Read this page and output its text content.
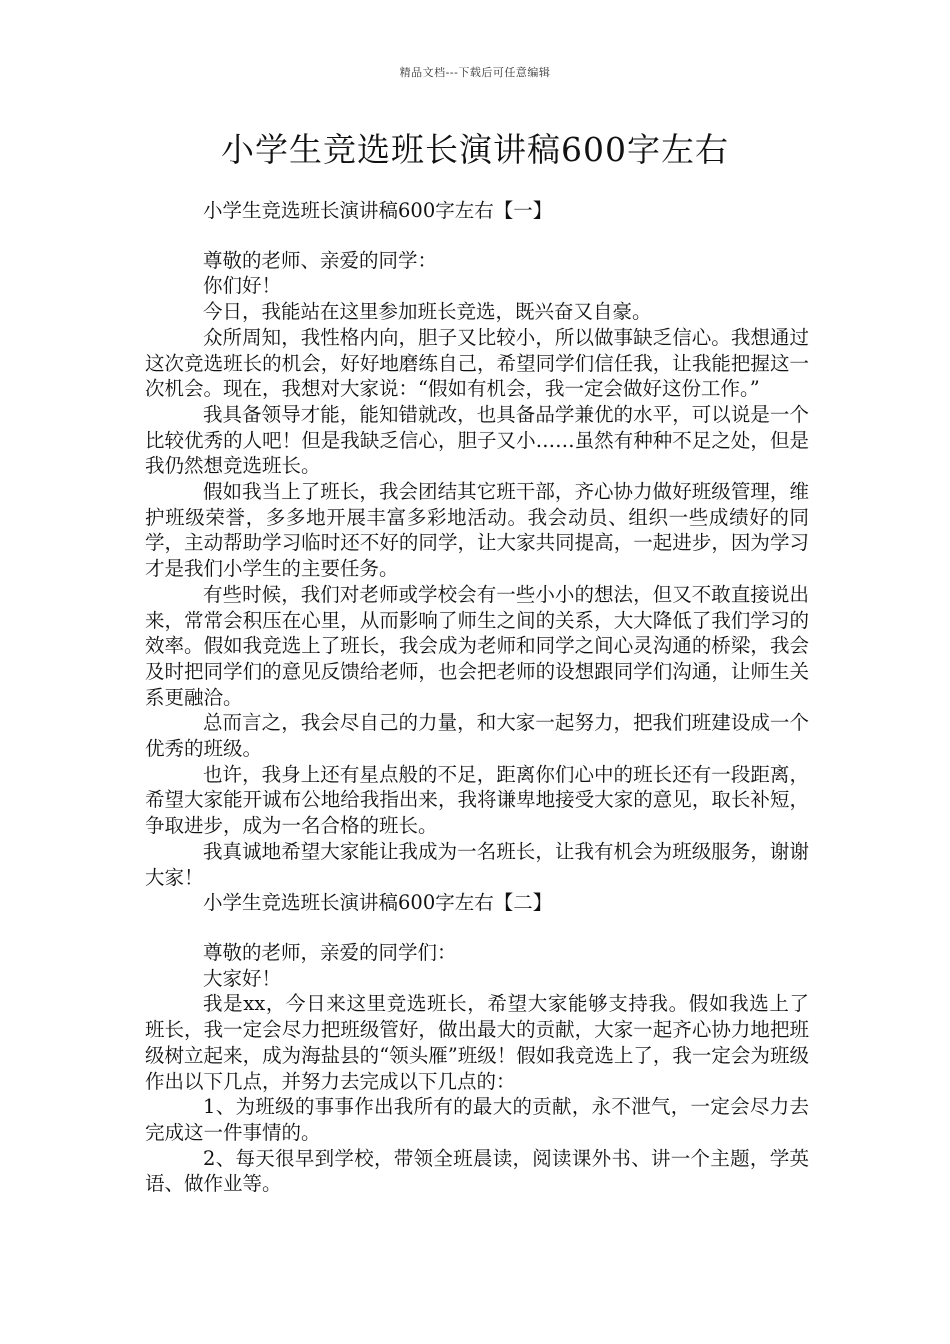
精品文档---下载后可任意编辑
小学生竞选班长演讲稿600字左右

小学生竞选班长演讲稿600字左右【一】

尊敬的老师、亲爱的同学：

你们好！

今日，我能站在这里参加班长竞选，既兴奋又自豪。

众所周知，我性格内向，胆子又比较小，所以做事缺乏信心。我想通过这次竞选班长的机会，好好地磨练自己，希望同学们信任我，让我能把握这一次机会。现在，我想对大家说：“假如有机会，我一定会做好这份工作。”

我具备领导才能，能知错就改，也具备品学兼优的水平，可以说是一个比较优秀的人吧！但是我缺乏信心，胆子又小……虽然有种种不足之处，但是我仍然想竞选班长。

假如我当上了班长，我会团结其它班干部，齐心协力做好班级管理，维护班级荣誉，多多地开展丰富多彩地活动。我会动员、组织一些成绩好的同学，主动帮助学习临时还不好的同学，让大家共同提高，一起进步，因为学习才是我们小学生的主要任务。

有些时候，我们对老师或学校会有一些小小的想法，但又不敢直接说出来，常常会积压在心里，从而影响了师生之间的关系，大大降低了我们学习的效率。假如我竞选上了班长，我会成为老师和同学之间心灵沟通的桥梁，我会及时把同学们的意见反馈给老师，也会把老师的设想跟同学们沟通，让师生关系更融洽。

总而言之，我会尽自己的力量，和大家一起努力，把我们班建设成一个优秀的班级。

也许，我身上还有星点般的不足，距离你们心中的班长还有一段距离，希望大家能开诚布公地给我指出来，我将谦卑地接受大家的意见，取长补短，争取进步，成为一名合格的班长。

我真诚地希望大家能让我成为一名班长，让我有机会为班级服务，谢谢大家！

小学生竞选班长演讲稿600字左右【二】

尊敬的老师，亲爱的同学们：

大家好！

我是xx，今日来这里竞选班长，希望大家能够支持我。假如我选上了班长，我一定会尽力把班级管好，做出最大的贡献，大家一起齐心协力地把班级树立起来，成为海盐县的“领头雁”班级！假如我竞选上了，我一定会为班级作出以下几点，并努力去完成以下几点的：

1、为班级的事事作出我所有的最大的贡献，永不泄气，一定会尽力去完成这一件事情的。

2、每天很早到学校，带领全班晨读，阅读课外书、讲一个主题，学英语、做作业等。
